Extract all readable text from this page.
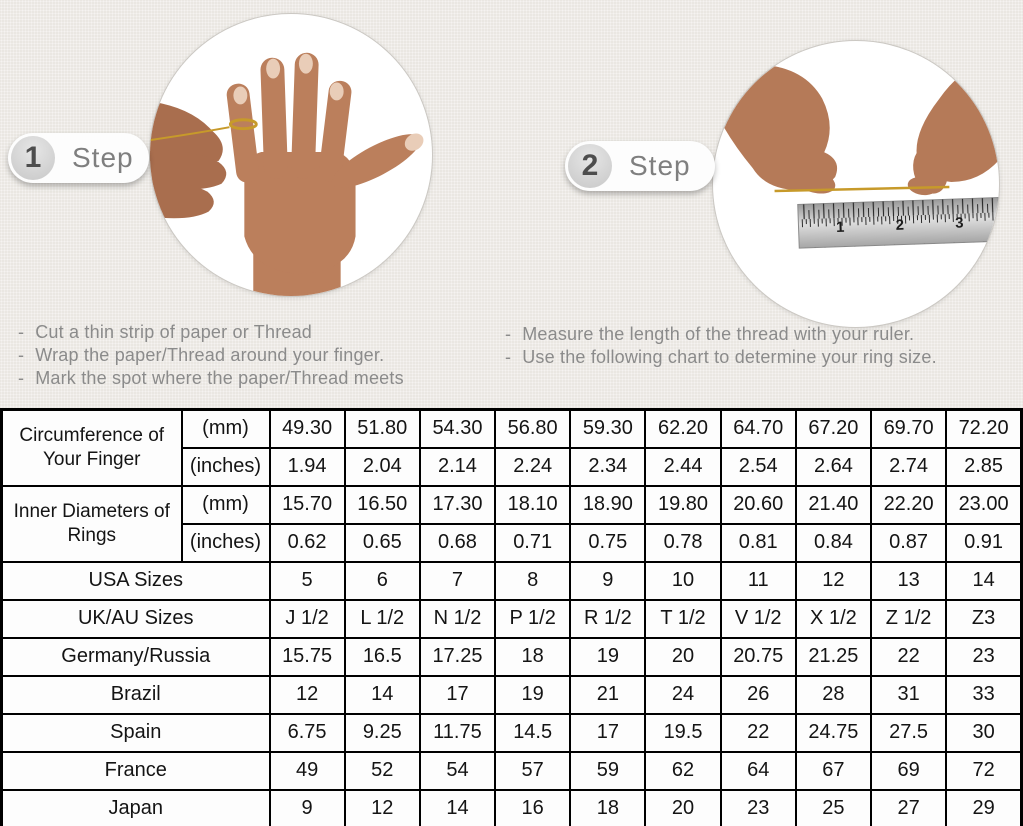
1	2	3
1	Step	2	Step
- Cut a thin strip of paper or Thread
- Wrap the paper/Thread around your finger.
- Mark the spot where the paper/Thread meets
- Measure the length of the thread with your ruler.
- Use the following chart to determine your ring size.
Circumference of Your Finger	(mm)	49.30	51.80	54.30	56.80	59.30	62.20	64.70	67.20	69.70	72.20
	(inches)	1.94	2.04	2.14	2.24	2.34	2.44	2.54	2.64	2.74	2.85
Inner Diameters of Rings	(mm)	15.70	16.50	17.30	18.10	18.90	19.80	20.60	21.40	22.20	23.00
	(inches)	0.62	0.65	0.68	0.71	0.75	0.78	0.81	0.84	0.87	0.91
USA Sizes		5	6	7	8	9	10	11	12	13	14
UK/AU Sizes		J 1/2	L 1/2	N 1/2	P 1/2	R 1/2	T 1/2	V 1/2	X 1/2	Z 1/2	Z3
Germany/Russia		15.75	16.5	17.25	18	19	20	20.75	21.25	22	23
Brazil		12	14	17	19	21	24	26	28	31	33
Spain		6.75	9.25	11.75	14.5	17	19.5	22	24.75	27.5	30
France		49	52	54	57	59	62	64	67	69	72
Japan		9	12	14	16	18	20	23	25	27	29
